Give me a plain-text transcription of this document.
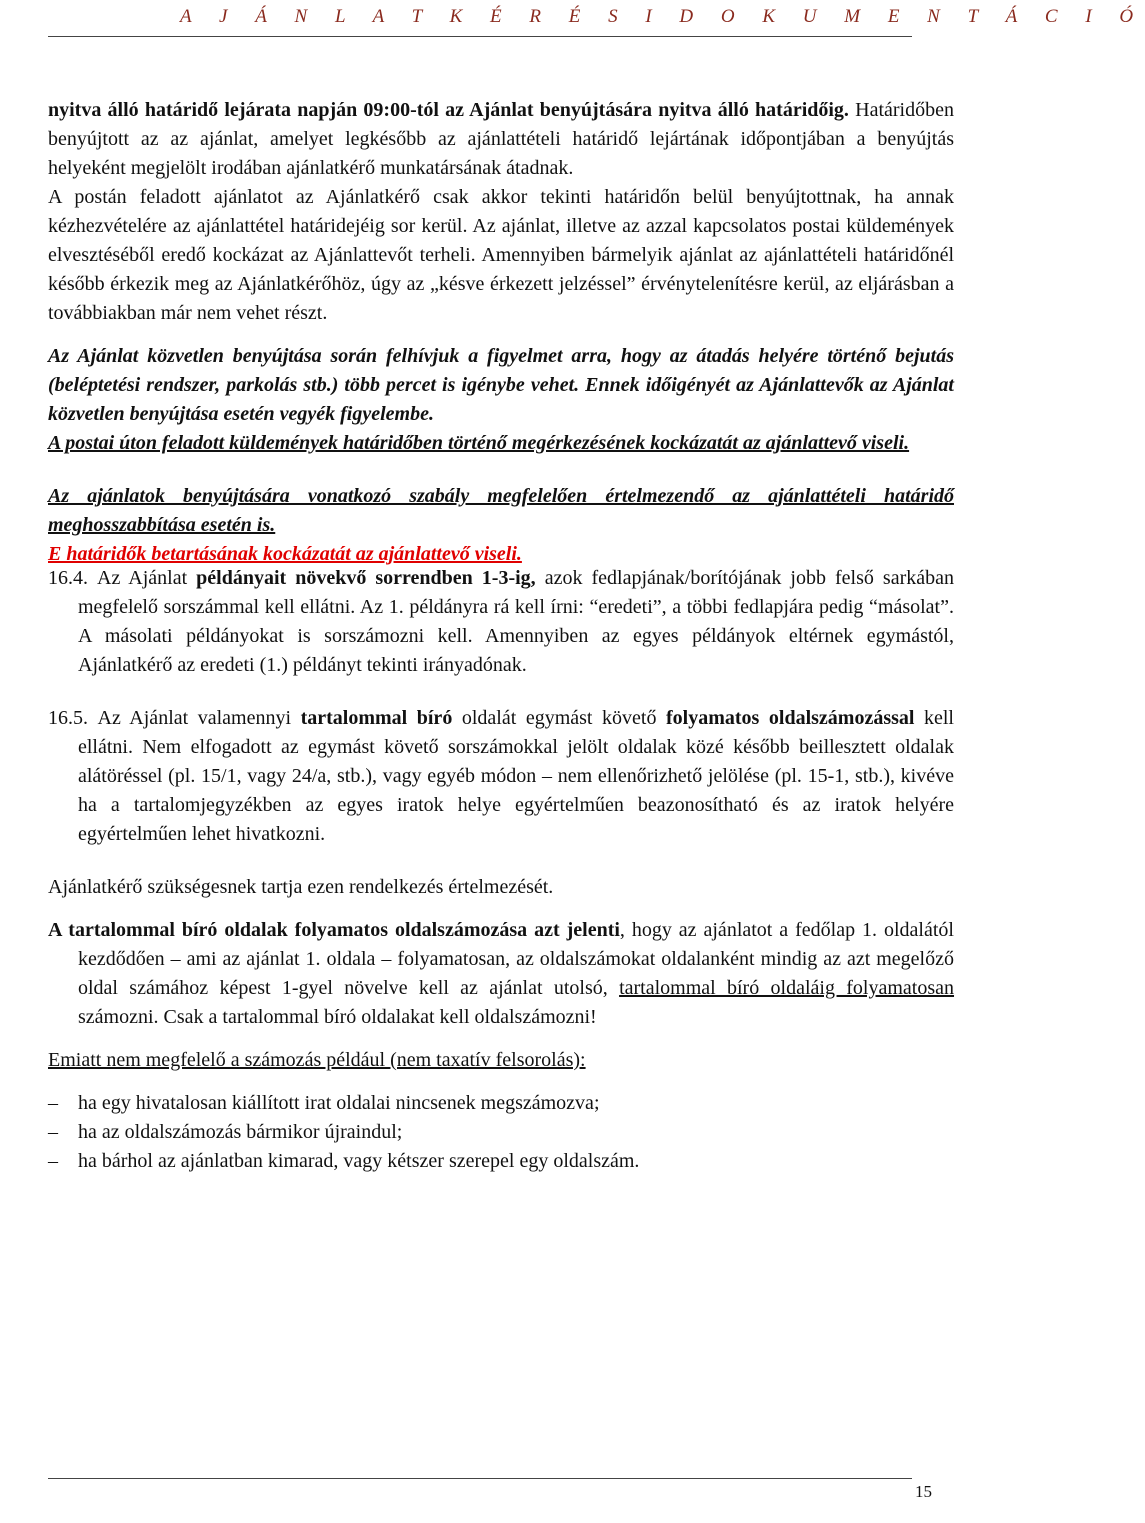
A J Á N L A T K É R É S I D O K U M E N T Á C I Ó

nyitva álló határidő lejárata napján 09:00-tól az Ajánlat benyújtására nyitva álló határidőig. Határidőben benyújtott az az ajánlat, amelyet legkésőbb az ajánlattételi határidő lejártának időpontjában a benyújtás helyeként megjelölt irodában ajánlatkérő munkatársának átadnak.

A postán feladott ajánlatot az Ajánlatkérő csak akkor tekinti határidőn belül benyújtottnak, ha annak kézhezvételére az ajánlattétel határidejéig sor kerül. Az ajánlat, illetve az azzal kapcsolatos postai küldemények elvesztéséből eredő kockázat az Ajánlattevőt terheli. Amennyiben bármelyik ajánlat az ajánlattételi határidőnél később érkezik meg az Ajánlatkérőhöz, úgy az „késve érkezett jelzéssel” érvénytelenítésre kerül, az eljárásban a továbbiakban már nem vehet részt.

Az Ajánlat közvetlen benyújtása során felhívjuk a figyelmet arra, hogy az átadás helyére történő bejutás (beléptetési rendszer, parkolás stb.) több percet is igénybe vehet. Ennek időigényét az Ajánlattevők az Ajánlat közvetlen benyújtása esetén vegyék figyelembe.

A postai úton feladott küldemények határidőben történő megérkezésének kockázatát az ajánlattevő viseli.

Az ajánlatok benyújtására vonatkozó szabály megfelelően értelmezendő az ajánlattételi határidő meghosszabbítása esetén is.

E határidők betartásának kockázatát az ajánlattevő viseli.

16.4. Az Ajánlat példányait növekvő sorrendben 1-3-ig, azok fedlapjának/borítójának jobb felső sarkában megfelelő sorszámmal kell ellátni. Az 1. példányra rá kell írni: “eredeti”, a többi fedlapjára pedig “másolat”. A másolati példányokat is sorszámozni kell. Amennyiben az egyes példányok eltérnek egymástól, Ajánlatkérő az eredeti (1.) példányt tekinti irányadónak.

16.5. Az Ajánlat valamennyi tartalommal bíró oldalát egymást követő folyamatos oldalszámozással kell ellátni. Nem elfogadott az egymást követő sorszámokkal jelölt oldalak közé később beillesztett oldalak alátöréssel (pl. 15/1, vagy 24/a, stb.), vagy egyéb módon – nem ellenőrizhető jelölése (pl. 15-1, stb.), kivéve ha a tartalomjegyzékben az egyes iratok helye egyértelműen beazonosítható és az iratok helyére egyértelműen lehet hivatkozni.

Ajánlatkérő szükségesnek tartja ezen rendelkezés értelmezését.

A tartalommal bíró oldalak folyamatos oldalszámozása azt jelenti, hogy az ajánlatot a fedőlap 1. oldalától kezdődően – ami az ajánlat 1. oldala – folyamatosan, az oldalszámokat oldalanként mindig az azt megelőző oldal számához képest 1-gyel növelve kell az ajánlat utolsó, tartalommal bíró oldaláig folyamatosan számozni. Csak a tartalommal bíró oldalakat kell oldalszámozni!

Emiatt nem megfelelő a számozás például (nem taxatív felsorolás):

–	ha egy hivatalosan kiállított irat oldalai nincsenek megszámozva;
–	ha az oldalszámozás bármikor újraindul;
–	ha bárhol az ajánlatban kimarad, vagy kétszer szerepel egy oldalszám.
15
